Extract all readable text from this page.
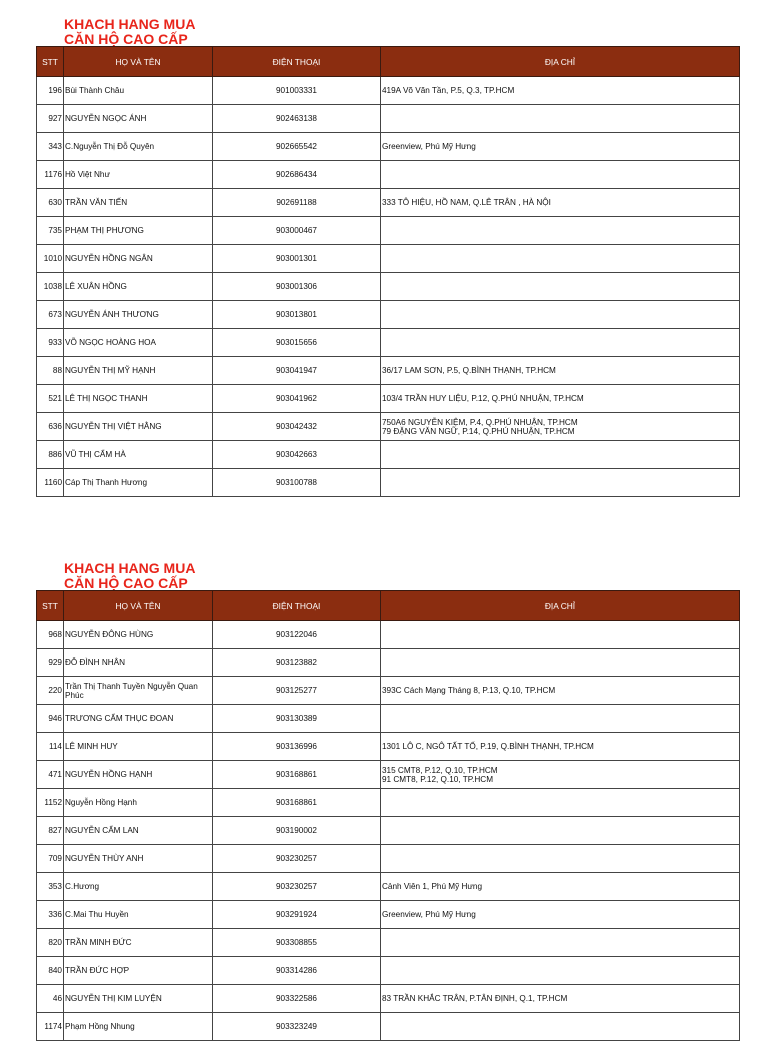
KHACH HANG MUA
CĂN HỘ CAO CẤP
STT	HỌ VÀ TÊN	ĐIỆN THOẠI	ĐỊA CHỈ
196	Bùi Thành Châu	901003331	419A Võ Văn Tần, P.5, Q.3, TP.HCM
927	NGUYỄN NGỌC ÁNH	902463138	
343	C.Nguyễn Thị Đỗ Quyên	902665542	Greenview, Phú Mỹ Hưng
1176	Hồ Việt Như	902686434	
630	TRẦN VĂN TIẾN	902691188	333 TÔ HIỆU, HỒ NAM, Q.LÊ TRÂN , HÀ NỘI
735	PHẠM THỊ PHƯƠNG	903000467	
1010	NGUYỄN HỒNG NGÂN	903001301	
1038	LÊ XUÂN HỒNG	903001306	
673	NGUYỄN ÁNH THƯƠNG	903013801	
933	VÕ NGỌC HOÀNG HOA	903015656	
88	NGUYỄN THỊ MỸ HẠNH	903041947	36/17 LAM SƠN, P.5, Q.BÌNH THẠNH, TP.HCM
521	LÊ THỊ NGỌC THANH	903041962	103/4 TRẦN HUY LIỆU, P.12, Q.PHÚ NHUẬN, TP.HCM
636	NGUYỄN THỊ VIỆT HẰNG	903042432	750A6 NGUYỄN KIỆM, P.4, Q.PHÚ NHUẬN, TP.HCM
79 ĐẶNG VĂN NGỮ, P.14, Q.PHÚ NHUẬN, TP.HCM
886	VŨ THỊ CẨM HÀ	903042663	
1160	Cáp Thị Thanh Hương	903100788	
KHACH HANG MUA
CĂN HỘ CAO CẤP
STT	HỌ VÀ TÊN	ĐIỆN THOẠI	ĐỊA CHỈ
968	NGUYỄN ĐÔNG HÙNG	903122046	
929	ĐỖ ĐÌNH NHÂN	903123882	
220	Trần Thị Thanh Tuyền Nguyễn Quan Phúc	903125277	393C Cách Mạng Tháng 8, P.13, Q.10, TP.HCM
946	TRƯƠNG CẨM THỤC ĐOAN	903130389	
114	LÊ MINH HUY	903136996	1301 LÔ C, NGÔ TẤT TỐ, P.19, Q.BÌNH THẠNH, TP.HCM
471	NGUYỄN HỒNG HẠNH	903168861	315 CMT8, P.12, Q.10, TP.HCM
91 CMT8, P.12, Q.10, TP.HCM
1152	Nguyễn Hồng Hạnh	903168861	
827	NGUYỄN CẨM LAN	903190002	
709	NGUYỄN THÙY ANH	903230257	
353	C.Hương	903230257	Cảnh Viên 1, Phú Mỹ Hưng
336	C.Mai Thu Huyền	903291924	Greenview, Phú Mỹ Hưng
820	TRẦN MINH ĐỨC	903308855	
840	TRẦN ĐỨC HỢP	903314286	
46	NGUYỄN THỊ KIM LUYỆN	903322586	83 TRẦN KHẮC TRÂN, P.TÂN ĐỊNH, Q.1, TP.HCM
1174	Phạm Hồng Nhung	903323249	
